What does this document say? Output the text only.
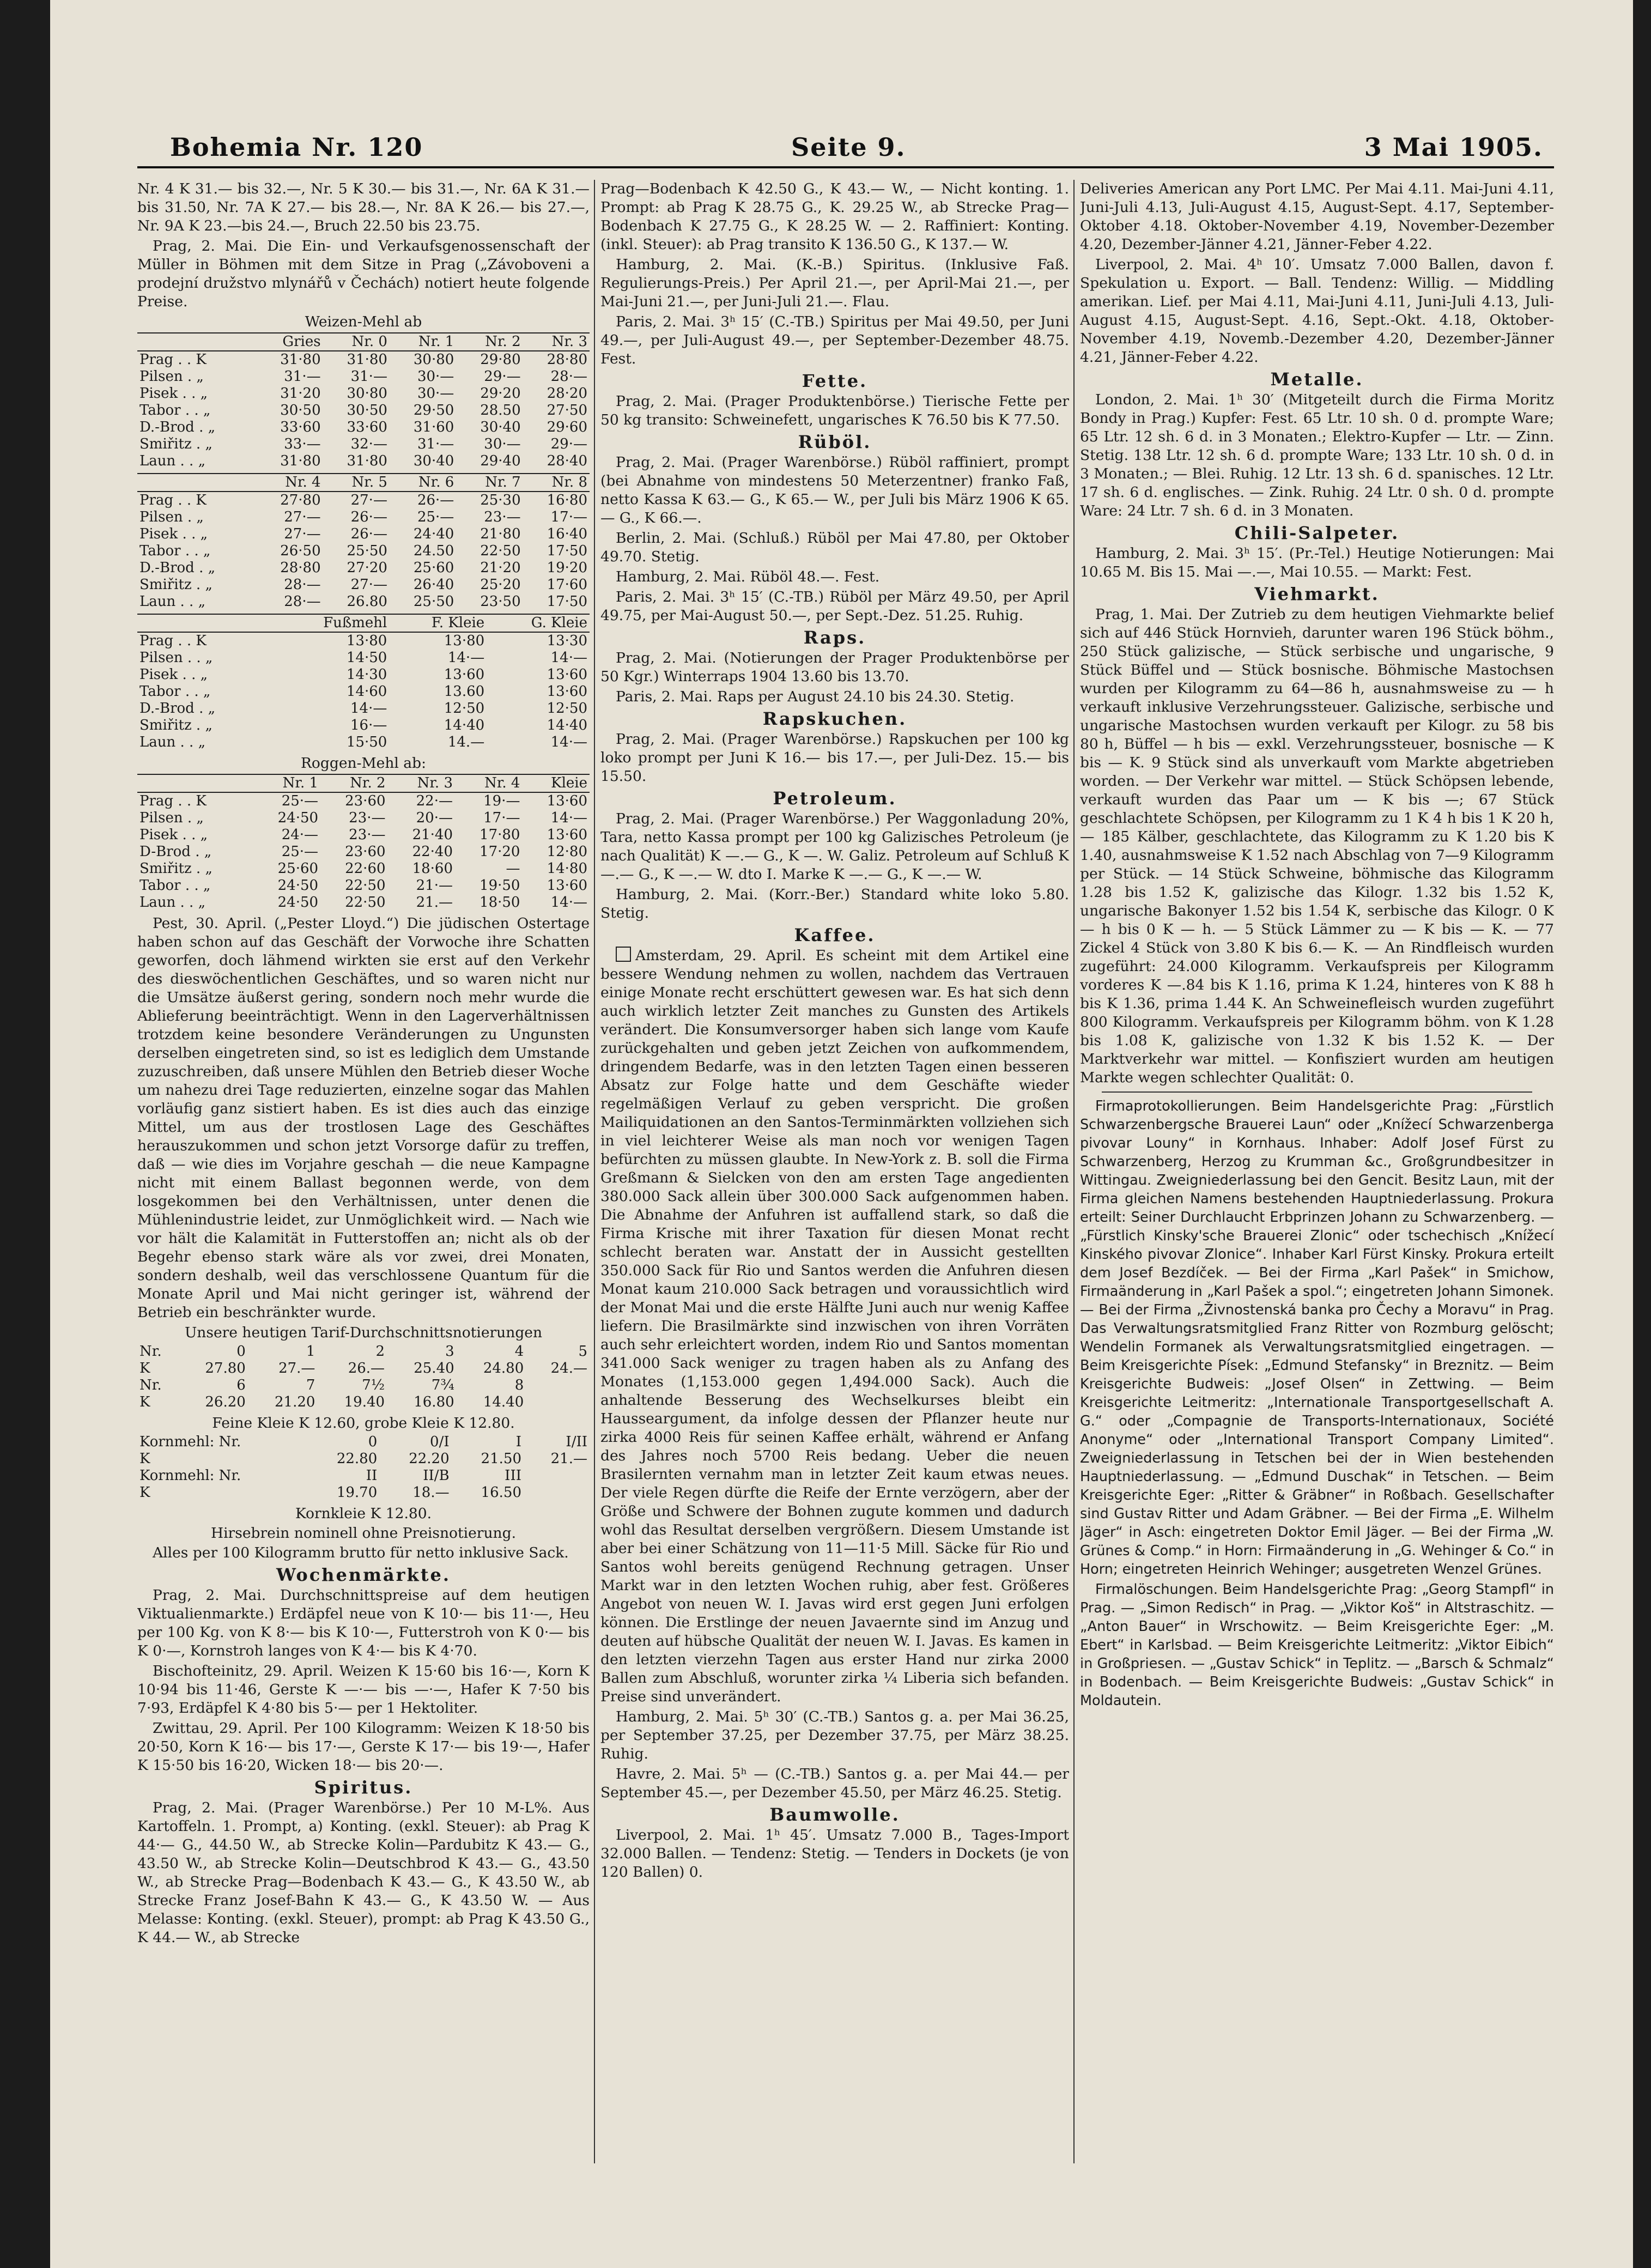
Bohemia Nr. 120	Seite 9.	3 Mai 1905.

Nr. 4 K 31.— bis 32.—, Nr. 5 K 30.— bis 31.—, Nr. 6A K 31.— bis 31.50, Nr. 7A K 27.— bis 28.—, Nr. 8A K 26.— bis 27.—, Nr. 9A K 23.—bis 24.—, Bruch 22.50 bis 23.75.

Prag, 2. Mai. Die Ein- und Verkaufsgenossenschaft der Müller in Böhmen mit dem Sitze in Prag („Závoboveni a prodejní družstvo mlynářů v Čechách) notiert heute folgende Preise.

Weizen-Mehl ab
	Gries	Nr. 0	Nr. 1	Nr. 2	Nr. 3
Prag . . K	31·80	31·80	30·80	29·80	28·80
Pilsen . „	31·—	31·—	30·—	29·—	28·—
Pisek . . „	31·20	30·80	30·—	29·20	28·20
Tabor . . „	30·50	30·50	29·50	28.50	27·50
D.-Brod . „	33·60	33·60	31·60	30·40	29·60
Smiřitz . „	33·—	32·—	31·—	30·—	29·—
Laun . . „	31·80	31·80	30·40	29·40	28·40
	Nr. 4	Nr. 5	Nr. 6	Nr. 7	Nr. 8
Prag . . K	27·80	27·—	26·—	25·30	16·80
Pilsen . „	27·—	26·—	25·—	23·—	17·—
Pisek . . „	27·—	26·—	24·40	21·80	16·40
Tabor . . „	26·50	25·50	24.50	22·50	17·50
D.-Brod . „	28·80	27·20	25·60	21·20	19·20
Smiřitz . „	28·—	27·—	26·40	25·20	17·60
Laun . . „	28·—	26.80	25·50	23·50	17·50
	Fußmehl	F. Kleie	G. Kleie
Prag . . K	13·80	13·80	13·30
Pilsen . . „	14·50	14·—	14·—
Pisek . . „	14·30	13·60	13·60
Tabor . . „	14·60	13.60	13·60
D.-Brod . „	14·—	12·50	12·50
Smiřitz . „	16·—	14·40	14·40
Laun . . „	15·50	14.—	14·—
Roggen-Mehl ab:
	Nr. 1	Nr. 2	Nr. 3	Nr. 4	Kleie
Prag . . K	25·—	23·60	22·—	19·—	13·60
Pilsen . „	24·50	23·—	20·—	17·—	14·—
Pisek . . „	24·—	23·—	21·40	17·80	13·60
D-Brod . „	25·—	23·60	22·40	17·20	12·80
Smiřitz . „	25·60	22·60	18·60	—	14·80
Tabor . . „	24·50	22·50	21·—	19·50	13·60
Laun . . „	24·50	22·50	21.—	18·50	14·—

Pest, 30. April. („Pester Lloyd.“) Die jüdischen Ostertage haben schon auf das Geschäft der Vorwoche ihre Schatten geworfen, doch lähmend wirkten sie erst auf den Verkehr des dieswöchentlichen Geschäftes, und so waren nicht nur die Umsätze äußerst gering, sondern noch mehr wurde die Ablieferung beeinträchtigt. Wenn in den Lagerverhältnissen trotzdem keine besondere Veränderungen zu Ungunsten derselben eingetreten sind, so ist es lediglich dem Umstande zuzuschreiben, daß unsere Mühlen den Betrieb dieser Woche um nahezu drei Tage reduzierten, einzelne sogar das Mahlen vorläufig ganz sistiert haben. Es ist dies auch das einzige Mittel, um aus der trostlosen Lage des Geschäftes herauszukommen und schon jetzt Vorsorge dafür zu treffen, daß — wie dies im Vorjahre geschah — die neue Kampagne nicht mit einem Ballast begonnen werde, von dem losgekommen bei den Verhältnissen, unter denen die Mühlenindustrie leidet, zur Unmöglichkeit wird. — Nach wie vor hält die Kalamität in Futterstoffen an; nicht als ob der Begehr ebenso stark wäre als vor zwei, drei Monaten, sondern deshalb, weil das verschlossene Quantum für die Monate April und Mai nicht geringer ist, während der Betrieb ein beschränkter wurde.

Unsere heutigen Tarif-Durchschnittsnotierungen
Nr.	0	1	2	3	4	5
K	27.80	27.—	26.—	25.40	24.80	24.—
Nr.	6	7	7½	7¾	8	
K	26.20	21.20	19.40	16.80	14.40	
Feine Kleie K 12.60, grobe Kleie K 12.80.
Kornmehl: Nr.	0	0/I	I	I/II
K	22.80	22.20	21.50	21.—
Kornmehl: Nr.	II	II/B	III	
K	19.70	18.—	16.50	
Kornkleie K 12.80.
Hirsebrein nominell ohne Preisnotierung.

Alles per 100 Kilogramm brutto für netto inklusive Sack.

Wochenmärkte.

Prag, 2. Mai. Durchschnittspreise auf dem heutigen Viktualienmarkte.) Erdäpfel neue von K 10·— bis 11·—, Heu per 100 Kg. von K 8·— bis K 10·—, Futterstroh von K 0·— bis K 0·—, Kornstroh langes von K 4·— bis K 4·70.

Bischofteinitz, 29. April. Weizen K 15·60 bis 16·—, Korn K 10·94 bis 11·46, Gerste K —·— bis —·—, Hafer K 7·50 bis 7·93, Erdäpfel K 4·80 bis 5·— per 1 Hektoliter.

Zwittau, 29. April. Per 100 Kilogramm: Weizen K 18·50 bis 20·50, Korn K 16·— bis 17·—, Gerste K 17·— bis 19·—, Hafer K 15·50 bis 16·20, Wicken 18·— bis 20·—.

Spiritus.

Prag, 2. Mai. (Prager Warenbörse.) Per 10 M-L%. Aus Kartoffeln. 1. Prompt, a) Konting. (exkl. Steuer): ab Prag K 44·— G., 44.50 W., ab Strecke Kolin—Pardubitz K 43.— G., 43.50 W., ab Strecke Kolin—Deutschbrod K 43.— G., 43.50 W., ab Strecke Prag—Bodenbach K 43.— G., K 43.50 W., ab Strecke Franz Josef-Bahn K 43.— G., K 43.50 W. — Aus Melasse: Konting. (exkl. Steuer), prompt: ab Prag K 43.50 G., K 44.— W., ab Strecke

Prag—Bodenbach K 42.50 G., K 43.— W., — Nicht konting. 1. Prompt: ab Prag K 28.75 G., K. 29.25 W., ab Strecke Prag—Bodenbach K 27.75 G., K 28.25 W. — 2. Raffiniert: Konting. (inkl. Steuer): ab Prag transito K 136.50 G., K 137.— W.

Hamburg, 2. Mai. (K.-B.) Spiritus. (Inklusive Faß. Regulierungs-Preis.) Per April 21.—, per April-Mai 21.—, per Mai-Juni 21.—, per Juni-Juli 21.—. Flau.

Paris, 2. Mai. 3ʰ 15′ (C.-TB.) Spiritus per Mai 49.50, per Juni 49.—, per Juli-August 49.—, per September-Dezember 48.75. Fest.

Fette.

Prag, 2. Mai. (Prager Produktenbörse.) Tierische Fette per 50 kg transito: Schweinefett, ungarisches K 76.50 bis K 77.50.

Rüböl.

Prag, 2. Mai. (Prager Warenbörse.) Rüböl raffiniert, prompt (bei Abnahme von mindestens 50 Meterzentner) franko Faß, netto Kassa K 63.— G., K 65.— W., per Juli bis März 1906 K 65.— G., K 66.—.

Berlin, 2. Mai. (Schluß.) Rüböl per Mai 47.80, per Oktober 49.70. Stetig.

Hamburg, 2. Mai. Rüböl 48.—. Fest.

Paris, 2. Mai. 3ʰ 15′ (C.-TB.) Rüböl per März 49.50, per April 49.75, per Mai-August 50.—, per Sept.-Dez. 51.25. Ruhig.

Raps.

Prag, 2. Mai. (Notierungen der Prager Produktenbörse per 50 Kgr.) Winterraps 1904 13.60 bis 13.70.

Paris, 2. Mai. Raps per August 24.10 bis 24.30. Stetig.

Rapskuchen.

Prag, 2. Mai. (Prager Warenbörse.) Rapskuchen per 100 kg loko prompt per Juni K 16.— bis 17.—, per Juli-Dez. 15.— bis 15.50.

Petroleum.

Prag, 2. Mai. (Prager Warenbörse.) Per Waggonladung 20%, Tara, netto Kassa prompt per 100 kg Galizisches Petroleum (je nach Qualität) K —.— G., K —. W. Galiz. Petroleum auf Schluß K —.— G., K —.— W. dto I. Marke K —.— G., K —.— W.

Hamburg, 2. Mai. (Korr.-Ber.) Standard white loko 5.80. Stetig.

Kaffee.

Amsterdam, 29. April. Es scheint mit dem Artikel eine bessere Wendung nehmen zu wollen, nachdem das Vertrauen einige Monate recht erschüttert gewesen war. Es hat sich denn auch wirklich letzter Zeit manches zu Gunsten des Artikels verändert. Die Konsumversorger haben sich lange vom Kaufe zurückgehalten und geben jetzt Zeichen von aufkommendem, dringendem Bedarfe, was in den letzten Tagen einen besseren Absatz zur Folge hatte und dem Geschäfte wieder regelmäßigen Verlauf zu geben verspricht. Die großen Mailiquidationen an den Santos-Terminmärkten vollziehen sich in viel leichterer Weise als man noch vor wenigen Tagen befürchten zu müssen glaubte. In New-York z. B. soll die Firma Greßmann & Sielcken von den am ersten Tage angedienten 380.000 Sack allein über 300.000 Sack aufgenommen haben. Die Abnahme der Anfuhren ist auffallend stark, so daß die Firma Krische mit ihrer Taxation für diesen Monat recht schlecht beraten war. Anstatt der in Aussicht gestellten 350.000 Sack für Rio und Santos werden die Anfuhren diesen Monat kaum 210.000 Sack betragen und voraussichtlich wird der Monat Mai und die erste Hälfte Juni auch nur wenig Kaffee liefern. Die Brasilmärkte sind inzwischen von ihren Vorräten auch sehr erleichtert worden, indem Rio und Santos momentan 341.000 Sack weniger zu tragen haben als zu Anfang des Monates (1,153.000 gegen 1,494.000 Sack). Auch die anhaltende Besserung des Wechselkurses bleibt ein Hausseargument, da infolge dessen der Pflanzer heute nur zirka 4000 Reis für seinen Kaffee erhält, während er Anfang des Jahres noch 5700 Reis bedang. Ueber die neuen Brasilernten vernahm man in letzter Zeit kaum etwas neues. Der viele Regen dürfte die Reife der Ernte verzögern, aber der Größe und Schwere der Bohnen zugute kommen und dadurch wohl das Resultat derselben vergrößern. Diesem Umstande ist aber bei einer Schätzung von 11—11·5 Mill. Säcke für Rio und Santos wohl bereits genügend Rechnung getragen. Unser Markt war in den letzten Wochen ruhig, aber fest. Größeres Angebot von neuen W. I. Javas wird erst gegen Juni erfolgen können. Die Erstlinge der neuen Javaernte sind im Anzug und deuten auf hübsche Qualität der neuen W. I. Javas. Es kamen in den letzten vierzehn Tagen aus erster Hand nur zirka 2000 Ballen zum Abschluß, worunter zirka ¼ Liberia sich befanden. Preise sind unverändert.

Hamburg, 2. Mai. 5ʰ 30′ (C.-TB.) Santos g. a. per Mai 36.25, per September 37.25, per Dezember 37.75, per März 38.25. Ruhig.

Havre, 2. Mai. 5ʰ — (C.-TB.) Santos g. a. per Mai 44.— per September 45.—, per Dezember 45.50, per März 46.25. Stetig.

Baumwolle.

Liverpool, 2. Mai. 1ʰ 45′. Umsatz 7.000 B., Tages-Import 32.000 Ballen. — Tendenz: Stetig. — Tenders in Dockets (je von 120 Ballen) 0.

Deliveries American any Port LMC. Per Mai 4.11. Mai-Juni 4.11, Juni-Juli 4.13, Juli-August 4.15, August-Sept. 4.17, September-Oktober 4.18. Oktober-November 4.19, November-Dezember 4.20, Dezember-Jänner 4.21, Jänner-Feber 4.22.

Liverpool, 2. Mai. 4ʰ 10′. Umsatz 7.000 Ballen, davon f. Spekulation u. Export. — Ball. Tendenz: Willig. — Middling amerikan. Lief. per Mai 4.11, Mai-Juni 4.11, Juni-Juli 4.13, Juli-August 4.15, August-Sept. 4.16, Sept.-Okt. 4.18, Oktober-November 4.19, Novemb.-Dezember 4.20, Dezember-Jänner 4.21, Jänner-Feber 4.22.

Metalle.

London, 2. Mai. 1ʰ 30′ (Mitgeteilt durch die Firma Moritz Bondy in Prag.) Kupfer: Fest. 65 Ltr. 10 sh. 0 d. prompte Ware; 65 Ltr. 12 sh. 6 d. in 3 Monaten.; Elektro-Kupfer — Ltr. — Zinn. Stetig. 138 Ltr. 12 sh. 6 d. prompte Ware; 133 Ltr. 10 sh. 0 d. in 3 Monaten.; — Blei. Ruhig. 12 Ltr. 13 sh. 6 d. spanisches. 12 Ltr. 17 sh. 6 d. englisches. — Zink. Ruhig. 24 Ltr. 0 sh. 0 d. prompte Ware: 24 Ltr. 7 sh. 6 d. in 3 Monaten.

Chili-Salpeter.

Hamburg, 2. Mai. 3ʰ 15′. (Pr.-Tel.) Heutige Notierungen: Mai 10.65 M. Bis 15. Mai —.—, Mai 10.55. — Markt: Fest.

Viehmarkt.

Prag, 1. Mai. Der Zutrieb zu dem heutigen Viehmarkte belief sich auf 446 Stück Hornvieh, darunter waren 196 Stück böhm., 250 Stück galizische, — Stück serbische und ungarische, 9 Stück Büffel und — Stück bosnische. Böhmische Mastochsen wurden per Kilogramm zu 64—86 h, ausnahmsweise zu — h verkauft inklusive Verzehrungssteuer. Galizische, serbische und ungarische Mastochsen wurden verkauft per Kilogr. zu 58 bis 80 h, Büffel — h bis — exkl. Verzehrungssteuer, bosnische — K bis — K. 9 Stück sind als unverkauft vom Markte abgetrieben worden. — Der Verkehr war mittel. — Stück Schöpsen lebende, verkauft wurden das Paar um — K bis —; 67 Stück geschlachtete Schöpsen, per Kilogramm zu 1 K 4 h bis 1 K 20 h, — 185 Kälber, geschlachtete, das Kilogramm zu K 1.20 bis K 1.40, ausnahmsweise K 1.52 nach Abschlag von 7—9 Kilogramm per Stück. — 14 Stück Schweine, böhmische das Kilogramm 1.28 bis 1.52 K, galizische das Kilogr. 1.32 bis 1.52 K, ungarische Bakonyer 1.52 bis 1.54 K, serbische das Kilogr. 0 K — h bis 0 K — h. — 5 Stück Lämmer zu — K bis — K. — 77 Zickel 4 Stück von 3.80 K bis 6.— K. — An Rindfleisch wurden zugeführt: 24.000 Kilogramm. Verkaufspreis per Kilogramm vorderes K —.84 bis K 1.16, prima K 1.24, hinteres von K 88 h bis K 1.36, prima 1.44 K. An Schweinefleisch wurden zugeführt 800 Kilogramm. Verkaufspreis per Kilogramm böhm. von K 1.28 bis 1.08 K, galizische von 1.32 K bis 1.52 K. — Der Marktverkehr war mittel. — Konfisziert wurden am heutigen Markte wegen schlechter Qualität: 0.

Firmaprotokollierungen. Beim Handelsgerichte Prag: „Fürstlich Schwarzenbergsche Brauerei Laun“ oder „Knížecí Schwarzenberga pivovar Louny“ in Kornhaus. Inhaber: Adolf Josef Fürst zu Schwarzenberg, Herzog zu Krumman &c., Großgrundbesitzer in Wittingau. Zweigniederlassung bei den Gencit. Besitz Laun, mit der Firma gleichen Namens bestehenden Hauptniederlassung. Prokura erteilt: Seiner Durchlaucht Erbprinzen Johann zu Schwarzenberg. — „Fürstlich Kinsky'sche Brauerei Zlonic“ oder tschechisch „Knížecí Kinského pivovar Zlonice“. Inhaber Karl Fürst Kinsky. Prokura erteilt dem Josef Bezdíček. — Bei der Firma „Karl Pašek“ in Smichow, Firmaänderung in „Karl Pašek a spol.“; eingetreten Johann Simonek. — Bei der Firma „Živnostenská banka pro Čechy a Moravu“ in Prag. Das Verwaltungsratsmitglied Franz Ritter von Rozmburg gelöscht; Wendelin Formanek als Verwaltungsratsmitglied eingetragen. — Beim Kreisgerichte Písek: „Edmund Stefansky“ in Breznitz. — Beim Kreisgerichte Budweis: „Josef Olsen“ in Zettwing. — Beim Kreisgerichte Leitmeritz: „Internationale Transportgesellschaft A. G.“ oder „Compagnie de Transports-Internationaux, Société Anonyme“ oder „International Transport Company Limited“. Zweigniederlassung in Tetschen bei der in Wien bestehenden Hauptniederlassung. — „Edmund Duschak“ in Tetschen. — Beim Kreisgerichte Eger: „Ritter & Gräbner“ in Roßbach. Gesellschafter sind Gustav Ritter und Adam Gräbner. — Bei der Firma „E. Wilhelm Jäger“ in Asch: eingetreten Doktor Emil Jäger. — Bei der Firma „W. Grünes & Comp.“ in Horn: Firmaänderung in „G. Wehinger & Co.“ in Horn; eingetreten Heinrich Wehinger; ausgetreten Wenzel Grünes.

Firmalöschungen. Beim Handelsgerichte Prag: „Georg Stampfl“ in Prag. — „Simon Redisch“ in Prag. — „Viktor Koš“ in Altstraschitz. — „Anton Bauer“ in Wrschowitz. — Beim Kreisgerichte Eger: „M. Ebert“ in Karlsbad. — Beim Kreisgerichte Leitmeritz: „Viktor Eibich“ in Großpriesen. — „Gustav Schick“ in Teplitz. — „Barsch & Schmalz“ in Bodenbach. — Beim Kreisgerichte Budweis: „Gustav Schick“ in Moldautein.
